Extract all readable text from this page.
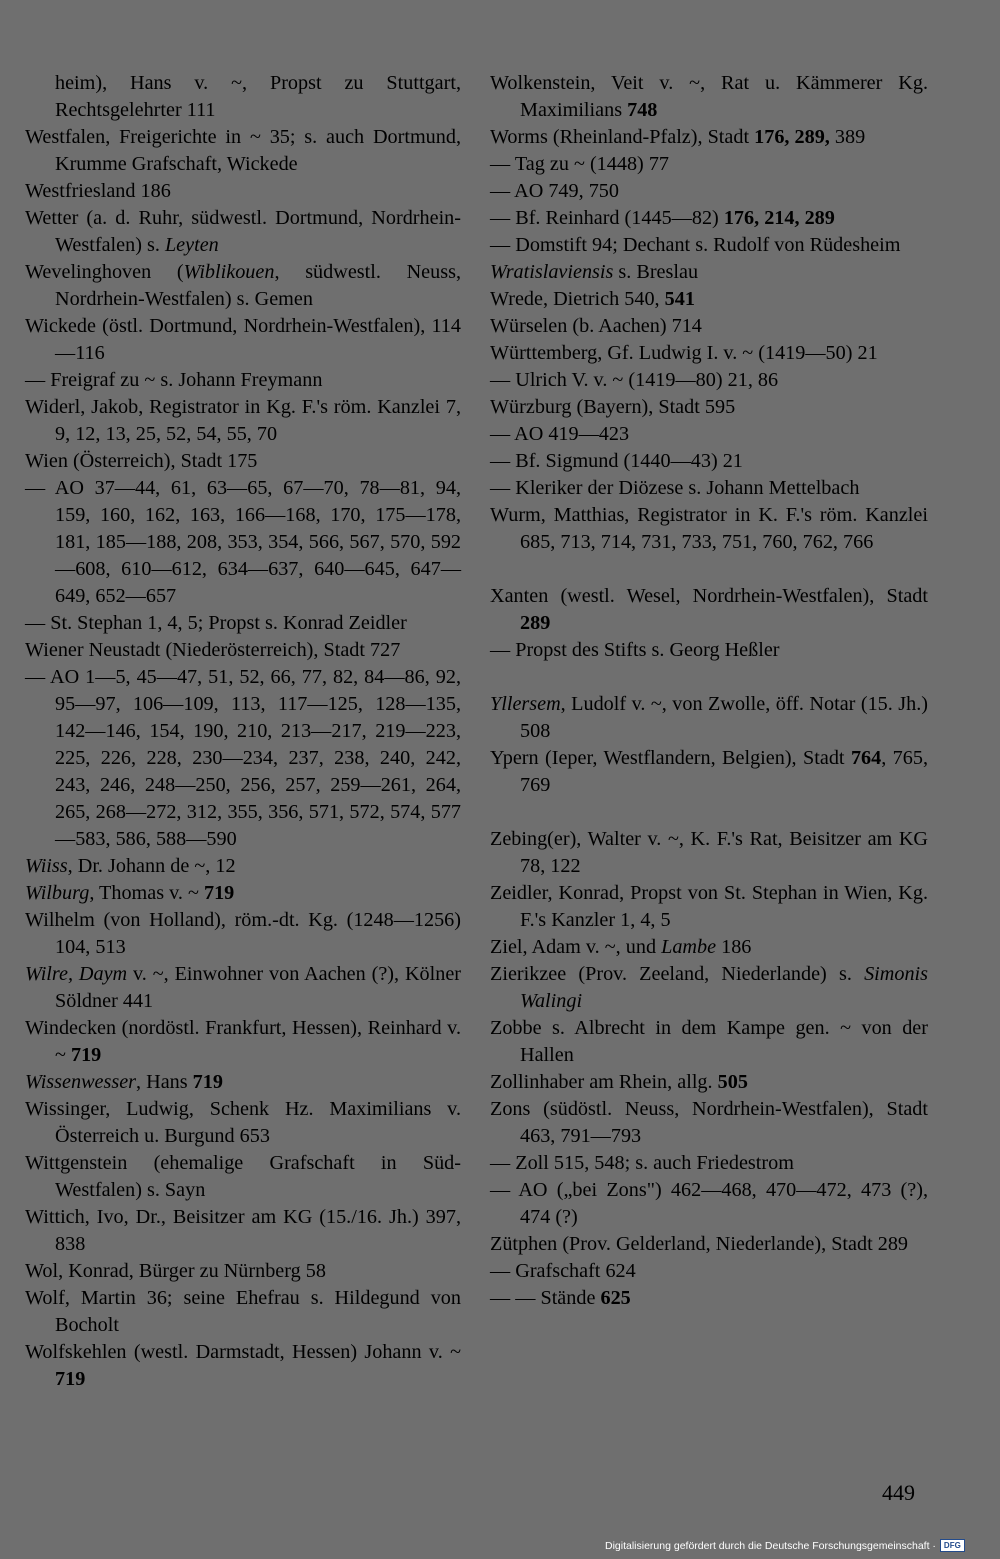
heim), Hans v. ~, Propst zu Stuttgart, Rechtsgelehrter 111
Westfalen, Freigerichte in ~ 35; s. auch Dortmund, Krumme Grafschaft, Wickede
Westfriesland 186
Wetter (a. d. Ruhr, südwestl. Dortmund, Nordrhein-Westfalen) s. Leyten
Wevelinghoven (Wiblikouen, südwestl. Neuss, Nordrhein-Westfalen) s. Gemen
Wickede (östl. Dortmund, Nordrhein-Westfalen), 114—116
— Freigraf zu ~ s. Johann Freymann
Widerl, Jakob, Registrator in Kg. F.'s röm. Kanzlei 7, 9, 12, 13, 25, 52, 54, 55, 70
Wien (Österreich), Stadt 175
— AO 37—44, 61, 63—65, 67—70, 78—81, 94, 159, 160, 162, 163, 166—168, 170, 175—178, 181, 185—188, 208, 353, 354, 566, 567, 570, 592—608, 610—612, 634—637, 640—645, 647—649, 652—657
— St. Stephan 1, 4, 5; Propst s. Konrad Zeidler
Wiener Neustadt (Niederösterreich), Stadt 727
— AO 1—5, 45—47, 51, 52, 66, 77, 82, 84—86, 92, 95—97, 106—109, 113, 117—125, 128—135, 142—146, 154, 190, 210, 213—217, 219—223, 225, 226, 228, 230—234, 237, 238, 240, 242, 243, 246, 248—250, 256, 257, 259—261, 264, 265, 268—272, 312, 355, 356, 571, 572, 574, 577—583, 586, 588—590
Wiiss, Dr. Johann de ~, 12
Wilburg, Thomas v. ~ 719
Wilhelm (von Holland), röm.-dt. Kg. (1248—1256) 104, 513
Wilre, Daym v. ~, Einwohner von Aachen (?), Kölner Söldner 441
Windecken (nordöstl. Frankfurt, Hessen), Reinhard v. ~ 719
Wissenwesser, Hans 719
Wissinger, Ludwig, Schenk Hz. Maximilians v. Österreich u. Burgund 653
Wittgenstein (ehemalige Grafschaft in Süd-Westfalen) s. Sayn
Wittich, Ivo, Dr., Beisitzer am KG (15./16. Jh.) 397, 838
Wol, Konrad, Bürger zu Nürnberg 58
Wolf, Martin 36; seine Ehefrau s. Hildegund von Bocholt
Wolfskehlen (westl. Darmstadt, Hessen) Johann v. ~ 719
Wolkenstein, Veit v. ~, Rat u. Kämmerer Kg. Maximilians 748
Worms (Rheinland-Pfalz), Stadt 176, 289, 389
— Tag zu ~ (1448) 77
— AO 749, 750
— Bf. Reinhard (1445—82) 176, 214, 289
— Domstift 94; Dechant s. Rudolf von Rüdesheim
Wratislaviensis s. Breslau
Wrede, Dietrich 540, 541
Würselen (b. Aachen) 714
Württemberg, Gf. Ludwig I. v. ~ (1419—50) 21
— Ulrich V. v. ~ (1419—80) 21, 86
Würzburg (Bayern), Stadt 595
— AO 419—423
— Bf. Sigmund (1440—43) 21
— Kleriker der Diözese s. Johann Mettelbach
Wurm, Matthias, Registrator in K. F.'s röm. Kanzlei 685, 713, 714, 731, 733, 751, 760, 762, 766
Xanten (westl. Wesel, Nordrhein-Westfalen), Stadt 289
— Propst des Stifts s. Georg Heßler
Yllersem, Ludolf v. ~, von Zwolle, öff. Notar (15. Jh.) 508
Ypern (Ieper, Westflandern, Belgien), Stadt 764, 765, 769
Zebing(er), Walter v. ~, K. F.'s Rat, Beisitzer am KG 78, 122
Zeidler, Konrad, Propst von St. Stephan in Wien, Kg. F.'s Kanzler 1, 4, 5
Ziel, Adam v. ~, und Lambe 186
Zierikzee (Prov. Zeeland, Niederlande) s. Simonis Walingi
Zobbe s. Albrecht in dem Kampe gen. ~ von der Hallen
Zollinhaber am Rhein, allg. 505
Zons (südöstl. Neuss, Nordrhein-Westfalen), Stadt 463, 791—793
— Zoll 515, 548; s. auch Friedestrom
— AO („bei Zons") 462—468, 470—472, 473 (?), 474 (?)
Zütphen (Prov. Gelderland, Niederlande), Stadt 289
— Grafschaft 624
— — Stände 625
449
Digitalisierung gefördert durch die Deutsche Forschungsgemeinschaft ·	DFG
